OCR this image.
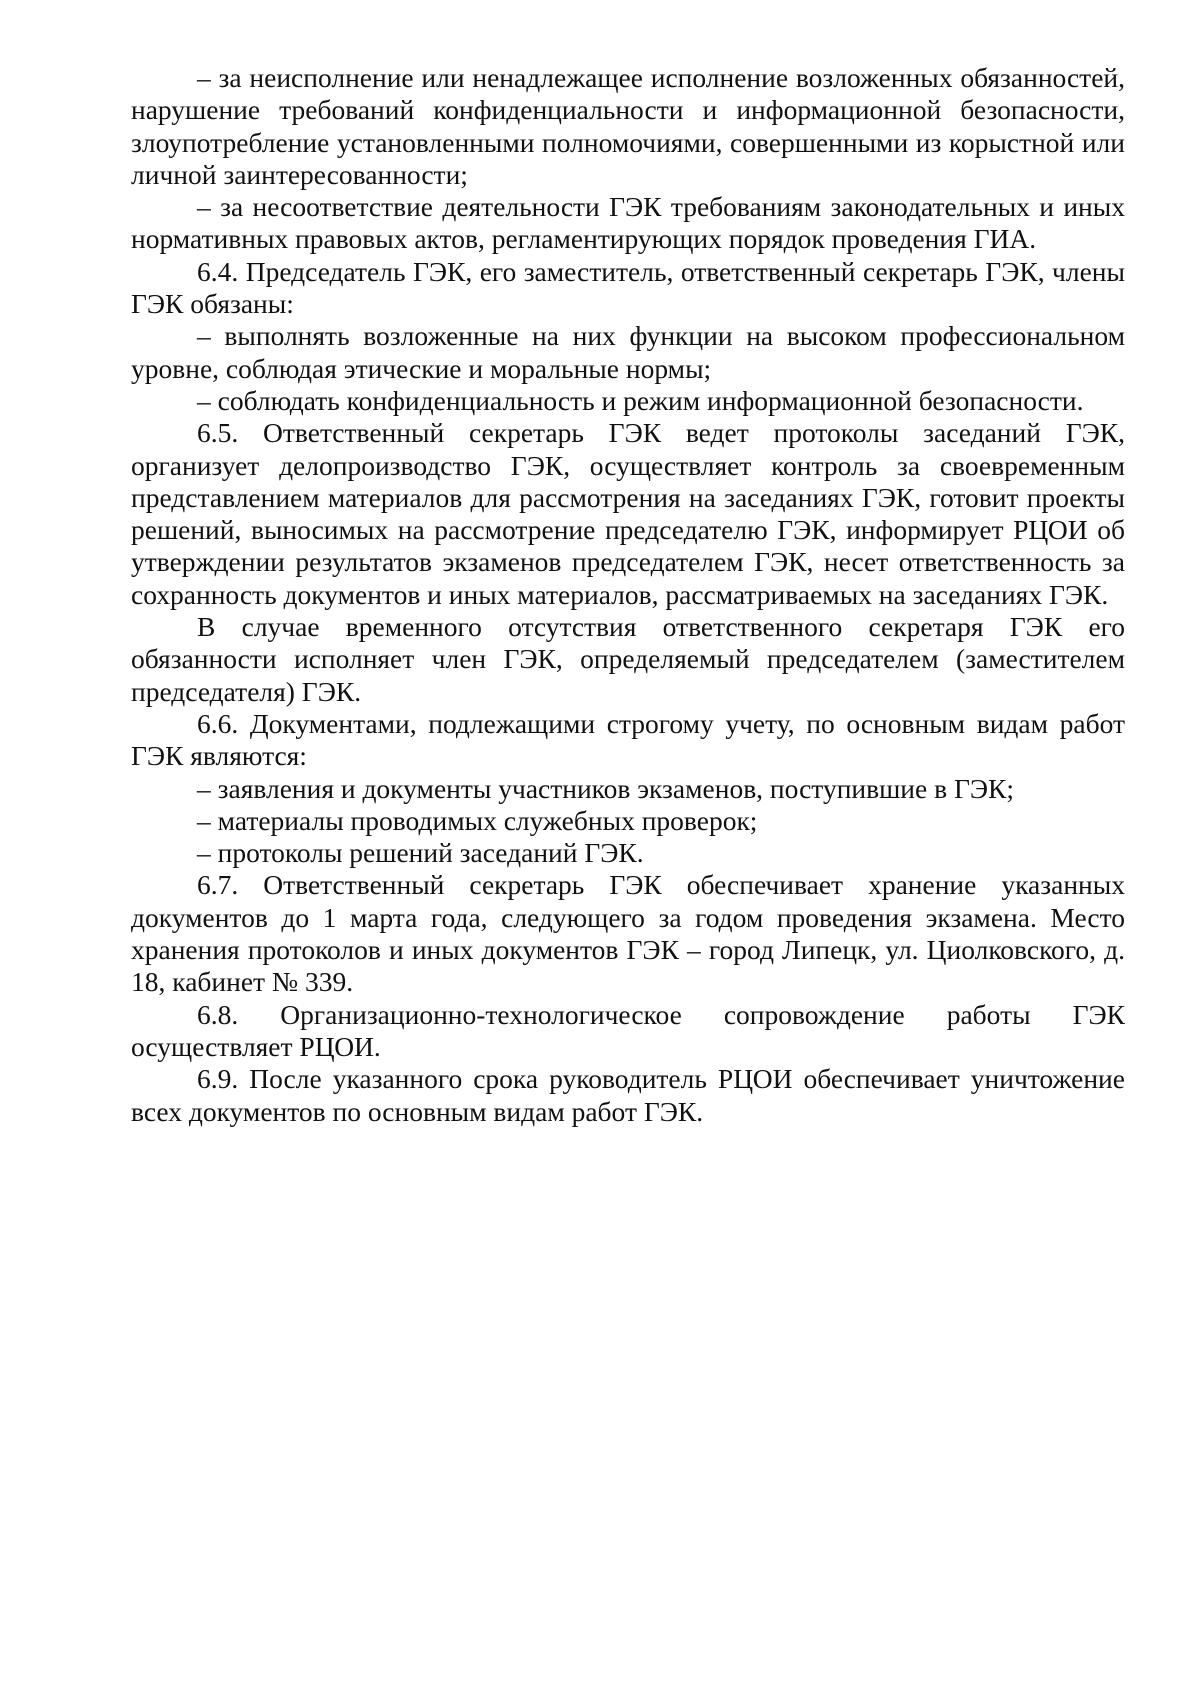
– за неисполнение или ненадлежащее исполнение возложенных обязанностей, нарушение требований конфиденциальности и информационной безопасности, злоупотребление установленными полномочиями, совершенными из корыстной или личной заинтересованности;

– за несоответствие деятельности ГЭК требованиям законодательных и иных нормативных правовых актов, регламентирующих порядок проведения ГИА.

6.4. Председатель ГЭК, его заместитель, ответственный секретарь ГЭК, члены ГЭК обязаны:

– выполнять возложенные на них функции на высоком профессиональном уровне, соблюдая этические и моральные нормы;

– соблюдать конфиденциальность и режим информационной безопасности.

6.5. Ответственный секретарь ГЭК ведет протоколы заседаний ГЭК, организует делопроизводство ГЭК, осуществляет контроль за своевременным представлением материалов для рассмотрения на заседаниях ГЭК, готовит проекты решений, выносимых на рассмотрение председателю ГЭК, информирует РЦОИ об утверждении результатов экзаменов председателем ГЭК, несет ответственность за сохранность документов и иных материалов, рассматриваемых на заседаниях ГЭК.

В случае временного отсутствия ответственного секретаря ГЭК его обязанности исполняет член ГЭК, определяемый председателем (заместителем председателя) ГЭК.

6.6. Документами, подлежащими строгому учету, по основным видам работ ГЭК являются:

– заявления и документы участников экзаменов, поступившие в ГЭК;

– материалы проводимых служебных проверок;

– протоколы решений заседаний ГЭК.

6.7. Ответственный секретарь ГЭК обеспечивает хранение указанных документов до 1 марта года, следующего за годом проведения экзамена. Место хранения протоколов и иных документов ГЭК – город Липецк, ул. Циолковского, д. 18, кабинет № 339.

6.8. Организационно-технологическое сопровождение работы ГЭК осуществляет РЦОИ.

6.9. После указанного срока руководитель РЦОИ обеспечивает уничтожение всех документов по основным видам работ ГЭК.
